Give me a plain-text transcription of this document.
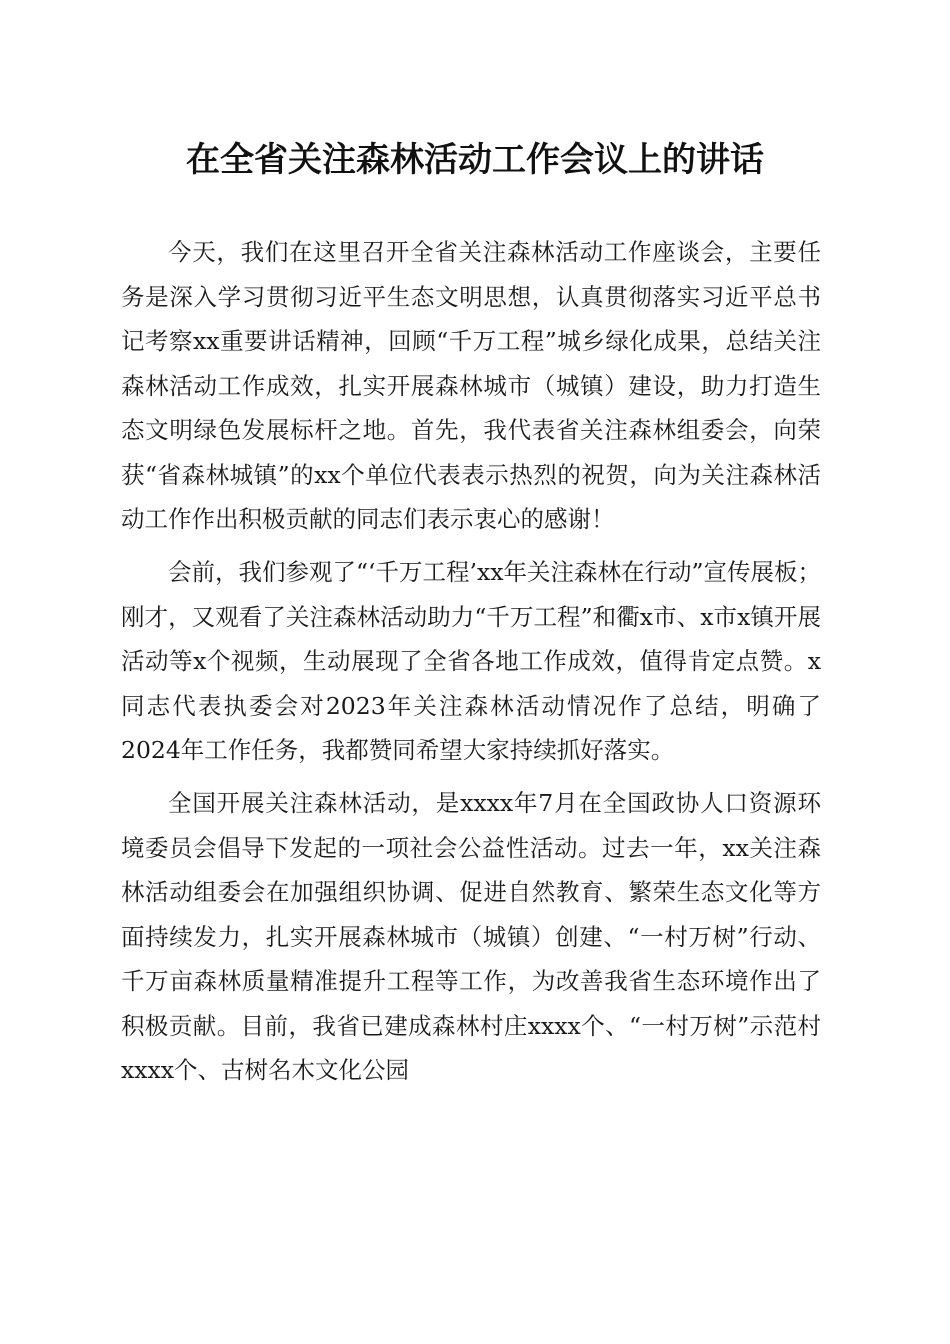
在全省关注森林活动工作会议上的讲话

今天，我们在这里召开全省关注森林活动工作座谈会，主要任务是深入学习贯彻习近平生态文明思想，认真贯彻落实习近平总书记考察xx重要讲话精神，回顾“千万工程”城乡绿化成果，总结关注森林活动工作成效，扎实开展森林城市（城镇）建设，助力打造生态文明绿色发展标杆之地。首先，我代表省关注森林组委会，向荣获“省森林城镇”的xx个单位代表表示热烈的祝贺，向为关注森林活动工作作出积极贡献的同志们表示衷心的感谢！

会前，我们参观了“‘千万工程’xx年关注森林在行动”宣传展板；刚才，又观看了关注森林活动助力“千万工程”和衢x市、x市x镇开展活动等x个视频，生动展现了全省各地工作成效，值得肯定点赞。x同志代表执委会对2023年关注森林活动情况作了总结，明确了2024年工作任务，我都赞同希望大家持续抓好落实。

全国开展关注森林活动，是xxxx年7月在全国政协人口资源环境委员会倡导下发起的一项社会公益性活动。过去一年，xx关注森林活动组委会在加强组织协调、促进自然教育、繁荣生态文化等方面持续发力，扎实开展森林城市（城镇）创建、“一村万树”行动、千万亩森林质量精准提升工程等工作，为改善我省生态环境作出了积极贡献。目前，我省已建成森林村庄xxxx个、“一村万树”示范村xxxx个、古树名木文化公园
